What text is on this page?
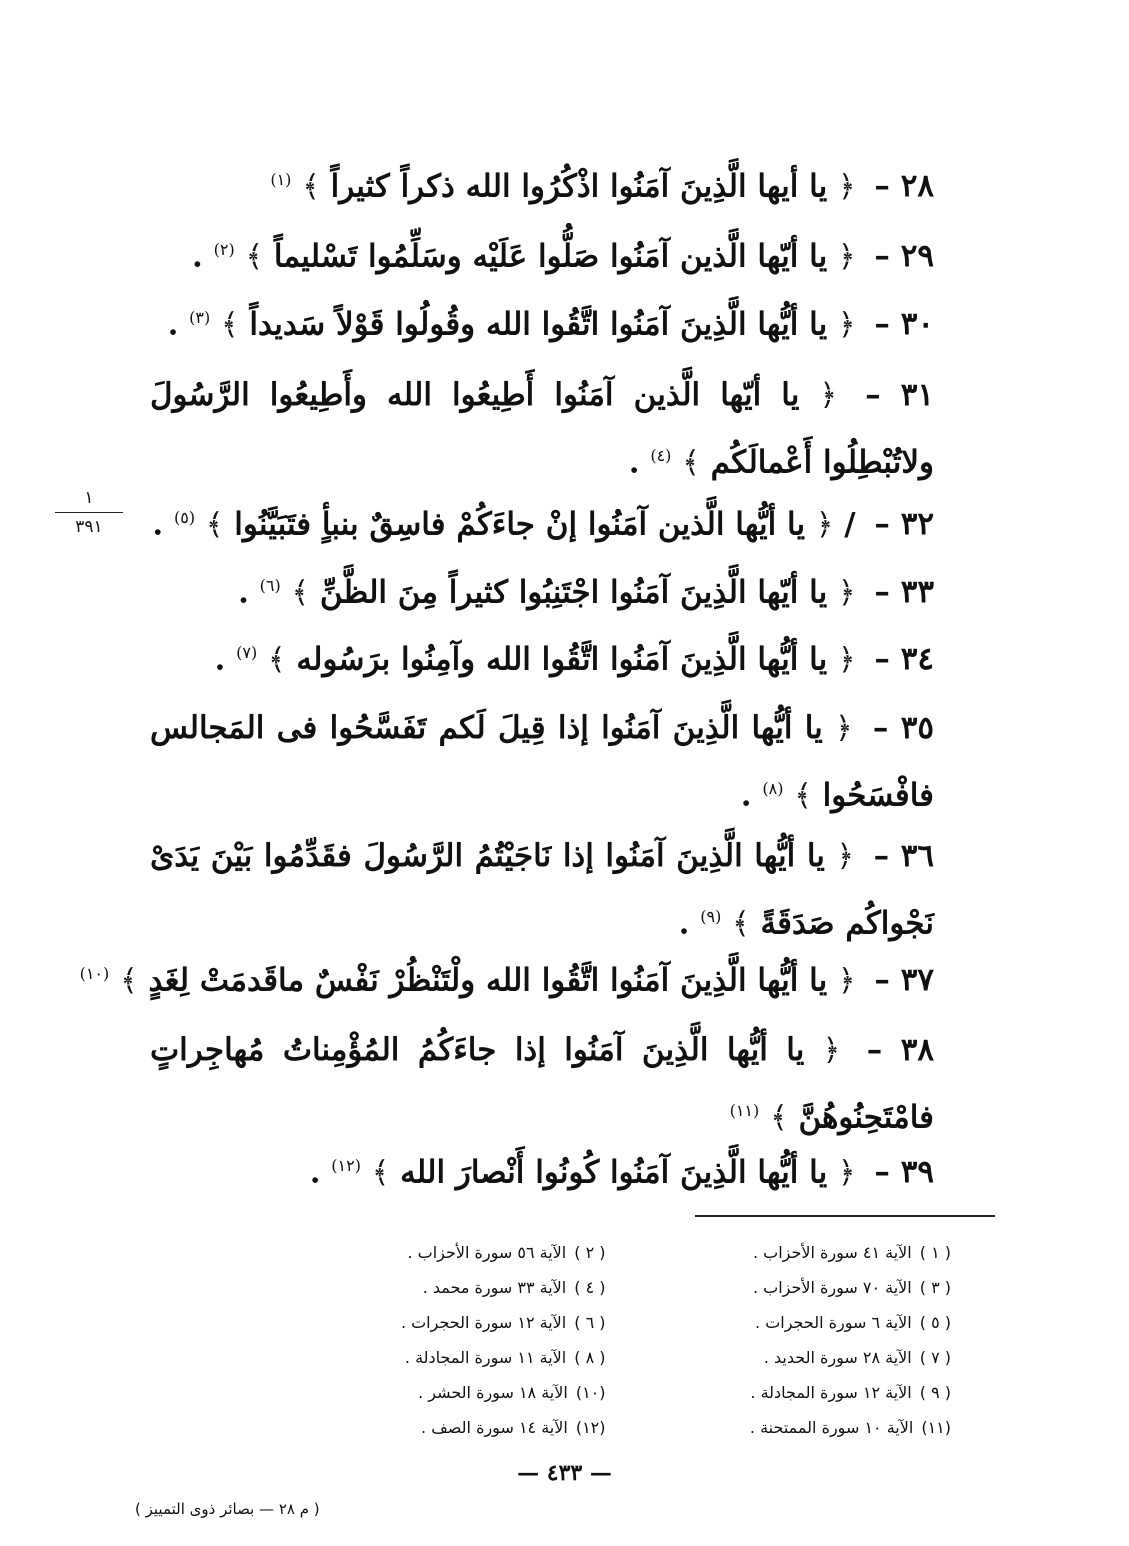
٢٨ – ﴿ يا أيها الَّذِينَ آمَنُوا اذْكُرُوا الله ذكراً كثيراً ﴾ $^{(١)}$
٢٩ – ﴿ يا أيّها الَّذين آمَنُوا صَلُّوا عَلَيْه وسَلِّمُوا تَسْليماً ﴾ $^{(٢)}$ .
٣٠ – ﴿ يا أيُّها الَّذِينَ آمَنُوا اتَّقُوا الله وقُولُوا قَوْلاً سَديداً ﴾ $^{(٣)}$ .
٣١ – ﴿ يا أيّها الَّذين آمَنُوا أَطِيعُوا الله وأَطِيعُوا الرَّسُولَ ولاتُبْطِلُوا أَعْمالَكُم ﴾ $^{(٤)}$ .
٣٢ – / ﴿ يا أيُّها الَّذين آمَنُوا إنْ جاءَكُمْ فاسِقٌ بنبأٍ فتَبَيَّنُوا ﴾ $^{(٥)}$ .
١
٣٩١
٣٣ – ﴿ يا أيّها الَّذِينَ آمَنُوا اجْتَنِبُوا كثيراً مِنَ الظَّنِّ ﴾ $^{(٦)}$ .
٣٤ – ﴿ يا أيُّها الَّذِينَ آمَنُوا اتَّقُوا الله وآمِنُوا برَسُوله ﴾ $^{(٧)}$ .
٣٥ – ﴿ يا أيُّها الَّذِينَ آمَنُوا إذا قِيلَ لَكم تَفَسَّحُوا فى المَجالس فافْسَحُوا ﴾ $^{(٨)}$ .
٣٦ – ﴿ يا أيُّها الَّذِينَ آمَنُوا إذا نَاجَيْتُمُ الرَّسُولَ فقَدِّمُوا بَيْنَ يَدَىْ نَجْواكُم صَدَقَةً ﴾ $^{(٩)}$ .
٣٧ – ﴿ يا أيُّها الَّذِينَ آمَنُوا اتَّقُوا الله ولْتَنْظُرْ نَفْسٌ ماقَدمَتْ لِغَدٍ ﴾ $^{(١٠)}$
٣٨ – ﴿ يا أيُّها الَّذِينَ آمَنُوا إذا جاءَكُمُ المُؤْمِناتُ مُهاجِراتٍ فامْتَحِنُوهُنَّ ﴾ $^{(١١)}$
٣٩ – ﴿ يا أيُّها الَّذِينَ آمَنُوا كُونُوا أَنْصارَ الله ﴾ $^{(١٢)}$ .
( ١ )الآية ٤١ سورة الأحزاب .
( ٢ )الآية ٥٦ سورة الأحزاب .
( ٣ )الآية ٧٠ سورة الأحزاب .
( ٤ )الآية ٣٣ سورة محمد .
( ٥ )الآية ٦ سورة الحجرات .
( ٦ )الآية ١٢ سورة الحجرات .
( ٧ )الآية ٢٨ سورة الحديد .
( ٨ )الآية ١١ سورة المجادلة .
( ٩ )الآية ١٢ سورة المجادلة .
(١٠)الآية ١٨ سورة الحشر .
(١١)الآية ١٠ سورة الممتحنة .
(١٢)الآية ١٤ سورة الصف .
— ٤٣٣ —
( م ٢٨ — بصائر ذوى التمييز )
